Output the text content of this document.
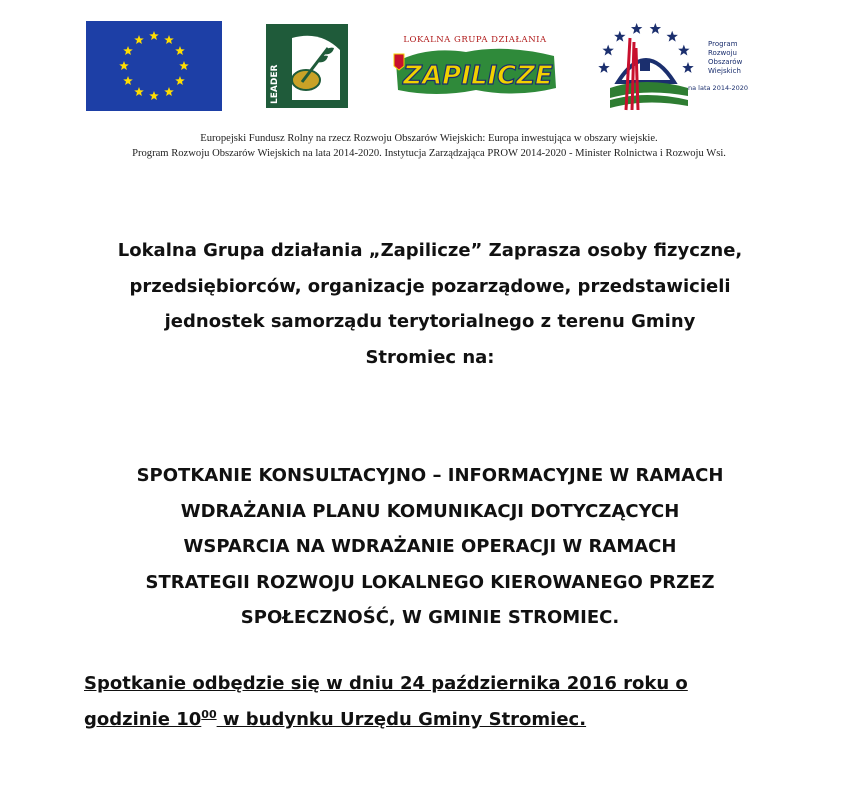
LEADER
LOKALNA GRUPA DZIAŁANIA
ZAPILICZE
Program
Rozwoju
Obszarów
Wiejskich
na lata 2014-2020
Europejski Fundusz Rolny na rzecz Rozwoju Obszarów Wiejskich: Europa inwestująca w obszary wiejskie.
Program Rozwoju Obszarów Wiejskich na lata 2014-2020. Instytucja Zarządzająca PROW 2014-2020 - Minister Rolnictwa i Rozwoju Wsi.
Lokalna Grupa działania „Zapilicze” Zaprasza osoby fizyczne,
przedsiębiorców, organizacje pozarządowe, przedstawicieli
jednostek samorządu terytorialnego z terenu Gminy
Stromiec na:
SPOTKANIE KONSULTACYJNO – INFORMACYJNE W RAMACH
WDRAŻANIA PLANU KOMUNIKACJI DOTYCZĄCYCH
WSPARCIA NA WDRAŻANIE OPERACJI W RAMACH
STRATEGII ROZWOJU LOKALNEGO KIEROWANEGO PRZEZ
SPOŁECZNOŚĆ, W GMINIE STROMIEC.
Spotkanie odbędzie się w dniu 24 października 2016 roku o
godzinie $10^{00}$ w budynku Urzędu Gminy Stromiec.
